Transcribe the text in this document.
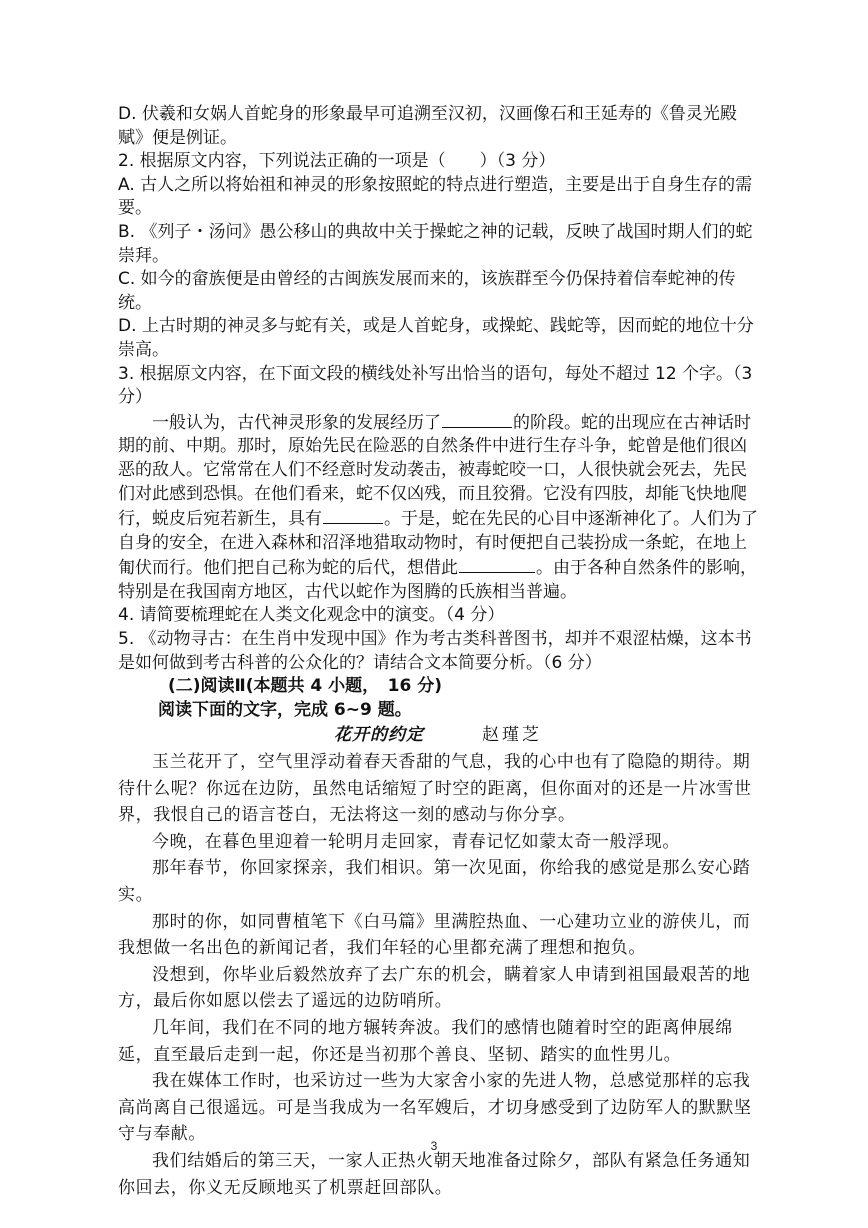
D. 伏羲和女娲人首蛇身的形象最早可追溯至汉初，汉画像石和王延寿的《鲁灵光殿赋》便是例证。

2. 根据原文内容，下列说法正确的一项是（　　）（3 分）

A. 古人之所以将始祖和神灵的形象按照蛇的特点进行塑造，主要是出于自身生存的需要。

B. 《列子・汤问》愚公移山的典故中关于操蛇之神的记载，反映了战国时期人们的蛇崇拜。

C. 如今的畲族便是由曾经的古闽族发展而来的，该族群至今仍保持着信奉蛇神的传统。

D. 上古时期的神灵多与蛇有关，或是人首蛇身，或操蛇、践蛇等，因而蛇的地位十分崇高。

3. 根据原文内容，在下面文段的横线处补写出恰当的语句，每处不超过 12 个字。（3 分）

一般认为，古代神灵形象的发展经历了	的阶段。蛇的出现应在古神话时期的前、中期。那时，原始先民在险恶的自然条件中进行生存斗争，蛇曾是他们很凶恶的敌人。它常常在人们不经意时发动袭击，被毒蛇咬一口，人很快就会死去，先民们对此感到恐惧。在他们看来，蛇不仅凶残，而且狡猾。它没有四肢，却能飞快地爬行，蜕皮后宛若新生，具有	。于是，蛇在先民的心目中逐渐神化了。人们为了自身的安全，在进入森林和沼泽地猎取动物时，有时便把自己装扮成一条蛇，在地上匍伏而行。他们把自己称为蛇的后代，想借此	。由于各种自然条件的影响，特别是在我国南方地区，古代以蛇作为图腾的氏族相当普遍。

4. 请简要梳理蛇在人类文化观念中的演变。（4 分）

5. 《动物寻古：在生肖中发现中国》作为考古类科普图书，却并不艰涩枯燥，这本书是如何做到考古科普的公众化的？请结合文本简要分析。（6 分）

(二)阅读Ⅱ(本题共 4 小题，　16 分)

阅读下面的文字，完成 6~9 题。

花开的约定	赵瑾芝

玉兰花开了，空气里浮动着春天香甜的气息，我的心中也有了隐隐的期待。期待什么呢？你远在边防，虽然电话缩短了时空的距离，但你面对的还是一片冰雪世界，我恨自己的语言苍白，无法将这一刻的感动与你分享。

今晚，在暮色里迎着一轮明月走回家，青春记忆如蒙太奇一般浮现。

那年春节，你回家探亲，我们相识。第一次见面，你给我的感觉是那么安心踏实。

那时的你，如同曹植笔下《白马篇》里满腔热血、一心建功立业的游侠儿，而我想做一名出色的新闻记者，我们年轻的心里都充满了理想和抱负。

没想到，你毕业后毅然放弃了去广东的机会，瞒着家人申请到祖国最艰苦的地方，最后你如愿以偿去了遥远的边防哨所。

几年间，我们在不同的地方辗转奔波。我们的感情也随着时空的距离伸展绵延，直至最后走到一起，你还是当初那个善良、坚韧、踏实的血性男儿。

我在媒体工作时，也采访过一些为大家舍小家的先进人物，总感觉那样的忘我高尚离自己很遥远。可是当我成为一名军嫂后，才切身感受到了边防军人的默默坚守与奉献。

我们结婚后的第三天，一家人正热火朝天地准备过除夕，部队有紧急任务通知你回去，你义无反顾地买了机票赶回部队。

3
